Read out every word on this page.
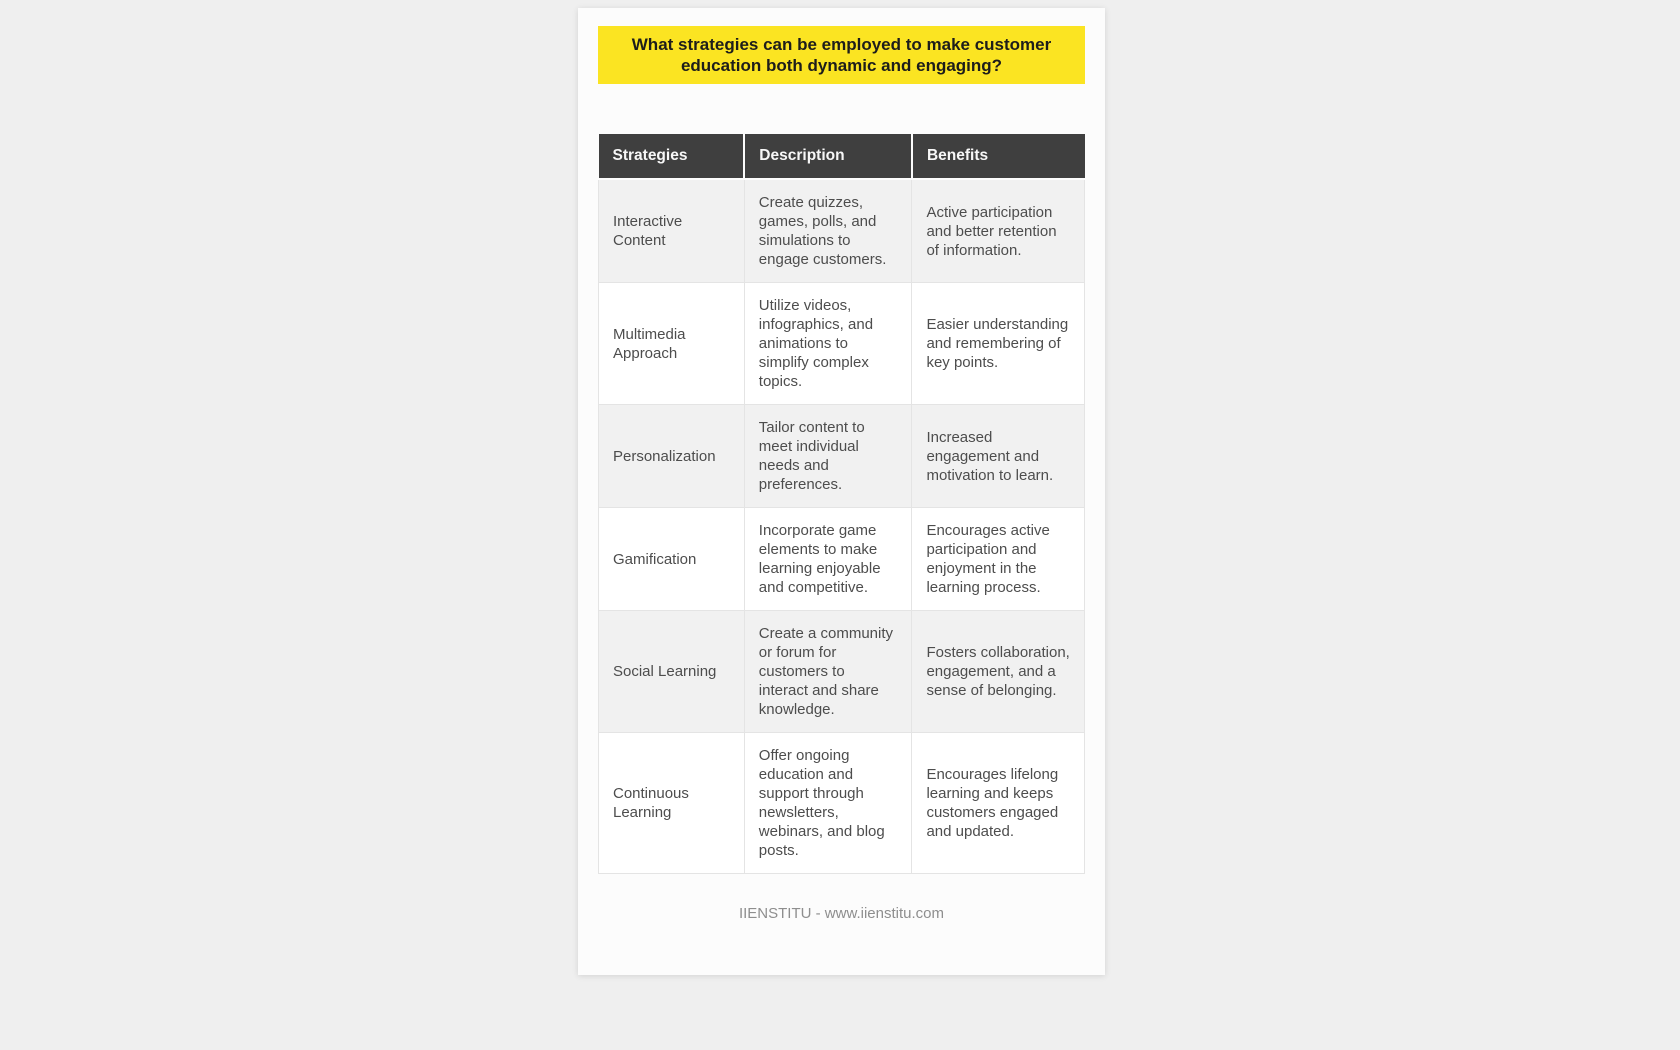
What strategies can be employed to make customer education both dynamic and engaging?
Strategies	Description	Benefits
Interactive Content	Create quizzes, games, polls, and simulations to engage customers.	Active participation and better retention of information.
Multimedia Approach	Utilize videos, infographics, and animations to simplify complex topics.	Easier understanding and remembering of key points.
Personalization	Tailor content to meet individual needs and preferences.	Increased engagement and motivation to learn.
Gamification	Incorporate game elements to make learning enjoyable and competitive.	Encourages active participation and enjoyment in the learning process.
Social Learning	Create a community or forum for customers to interact and share knowledge.	Fosters collaboration, engagement, and a sense of belonging.
Continuous Learning	Offer ongoing education and support through newsletters, webinars, and blog posts.	Encourages lifelong learning and keeps customers engaged and updated.
IIENSTITU - www.iienstitu.com
